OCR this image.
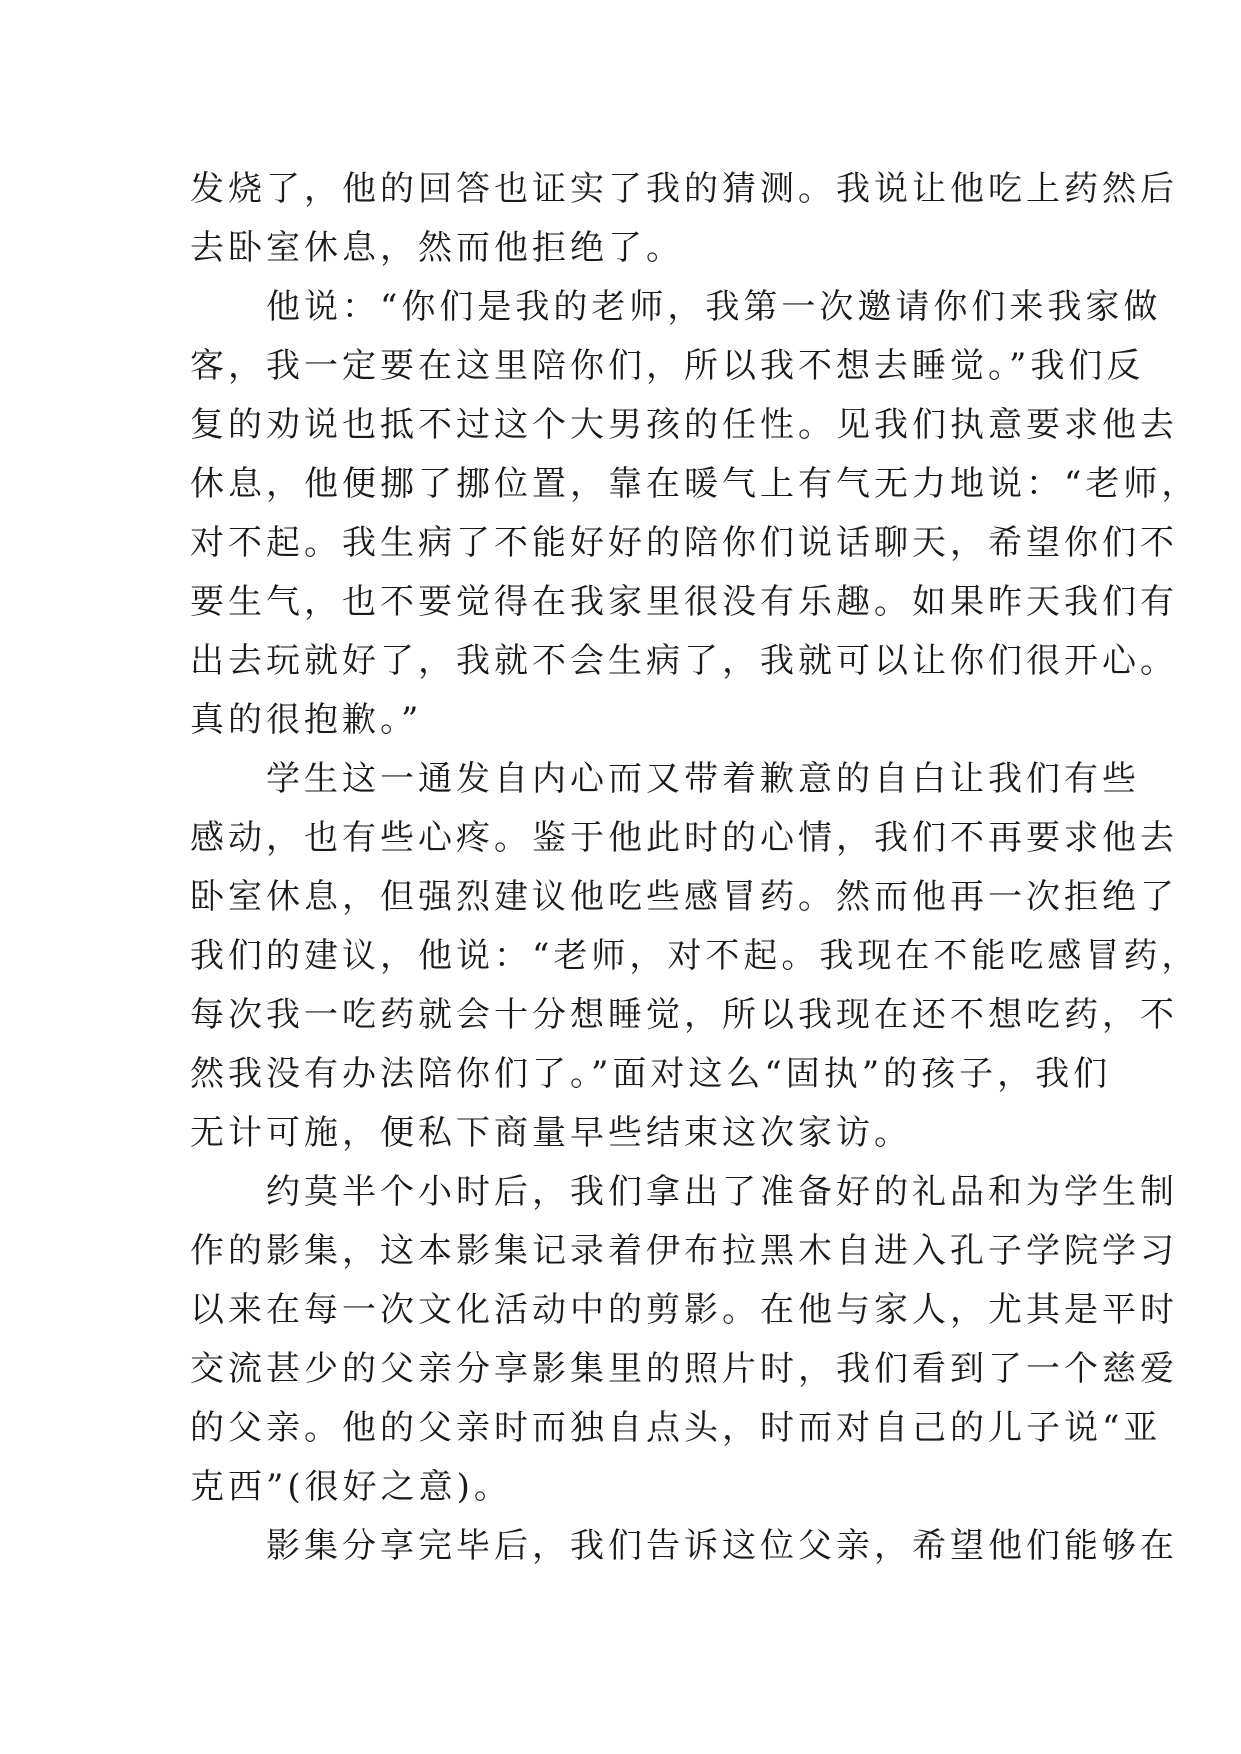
发烧了，他的回答也证实了我的猜测。我说让他吃上药然后
去卧室休息，然而他拒绝了。
　　他说：“你们是我的老师，我第一次邀请你们来我家做
客，我一定要在这里陪你们，所以我不想去睡觉。”我们反
复的劝说也抵不过这个大男孩的任性。见我们执意要求他去
休息，他便挪了挪位置，靠在暖气上有气无力地说：“老师，
对不起。我生病了不能好好的陪你们说话聊天，希望你们不
要生气，也不要觉得在我家里很没有乐趣。如果昨天我们有
出去玩就好了，我就不会生病了，我就可以让你们很开心。
真的很抱歉。”
　　学生这一通发自内心而又带着歉意的自白让我们有些
感动，也有些心疼。鉴于他此时的心情，我们不再要求他去
卧室休息，但强烈建议他吃些感冒药。然而他再一次拒绝了
我们的建议，他说：“老师，对不起。我现在不能吃感冒药，
每次我一吃药就会十分想睡觉，所以我现在还不想吃药，不
然我没有办法陪你们了。”面对这么“固执”的孩子，我们
无计可施，便私下商量早些结束这次家访。
　　约莫半个小时后，我们拿出了准备好的礼品和为学生制
作的影集，这本影集记录着伊布拉黑木自进入孔子学院学习
以来在每一次文化活动中的剪影。在他与家人，尤其是平时
交流甚少的父亲分享影集里的照片时，我们看到了一个慈爱
的父亲。他的父亲时而独自点头，时而对自己的儿子说“亚
克西”(很好之意)。
　　影集分享完毕后，我们告诉这位父亲，希望他们能够在
